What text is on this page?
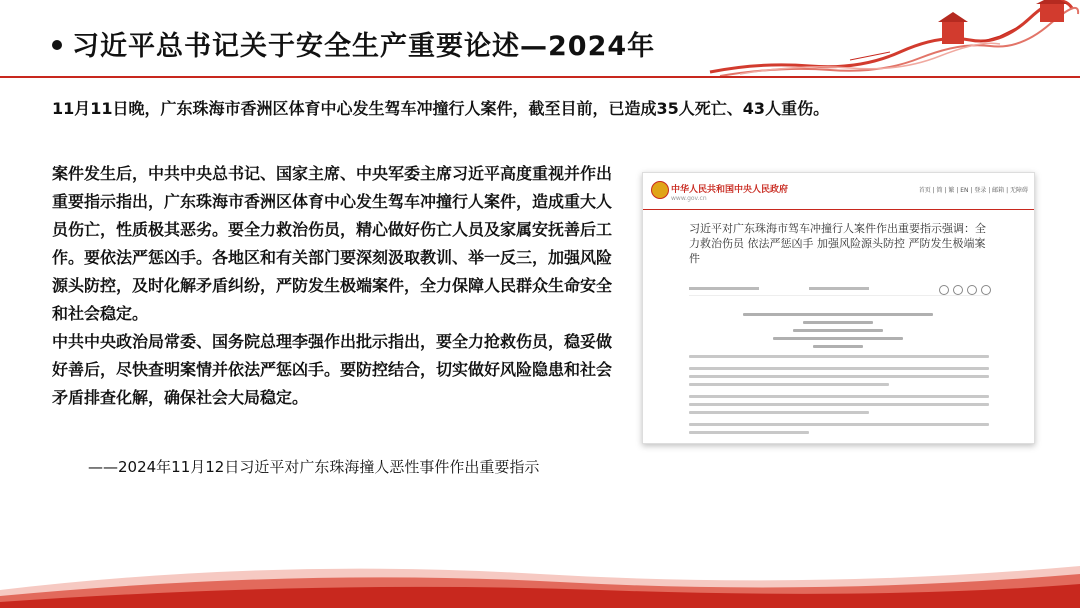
习近平总书记关于安全生产重要论述—2024年
11月11日晚，广东珠海市香洲区体育中心发生驾车冲撞行人案件，截至目前，已造成35人死亡、43人重伤。

案件发生后，中共中央总书记、国家主席、中央军委主席习近平高度重视并作出重要指示指出，广东珠海市香洲区体育中心发生驾车冲撞行人案件，造成重大人员伤亡，性质极其恶劣。要全力救治伤员，精心做好伤亡人员及家属安抚善后工作。要依法严惩凶手。各地区和有关部门要深刻汲取教训、举一反三，加强风险源头防控，及时化解矛盾纠纷，严防发生极端案件，全力保障人民群众生命安全和社会稳定。

中共中央政治局常委、国务院总理李强作出批示指出，要全力抢救伤员，稳妥做好善后，尽快查明案情并依法严惩凶手。要防控结合，切实做好风险隐患和社会矛盾排查化解，确保社会大局稳定。

——2024年11月12日习近平对广东珠海撞人恶性事件作出重要指示
中华人民共和国中央人民政府
www.gov.cn
首页 | 简 | 繁 | EN | 登录 | 邮箱 | 无障碍
习近平对广东珠海市驾车冲撞行人案件作出重要指示强调：全力救治伤员 依法严惩凶手 加强风险源头防控 严防发生极端案件
